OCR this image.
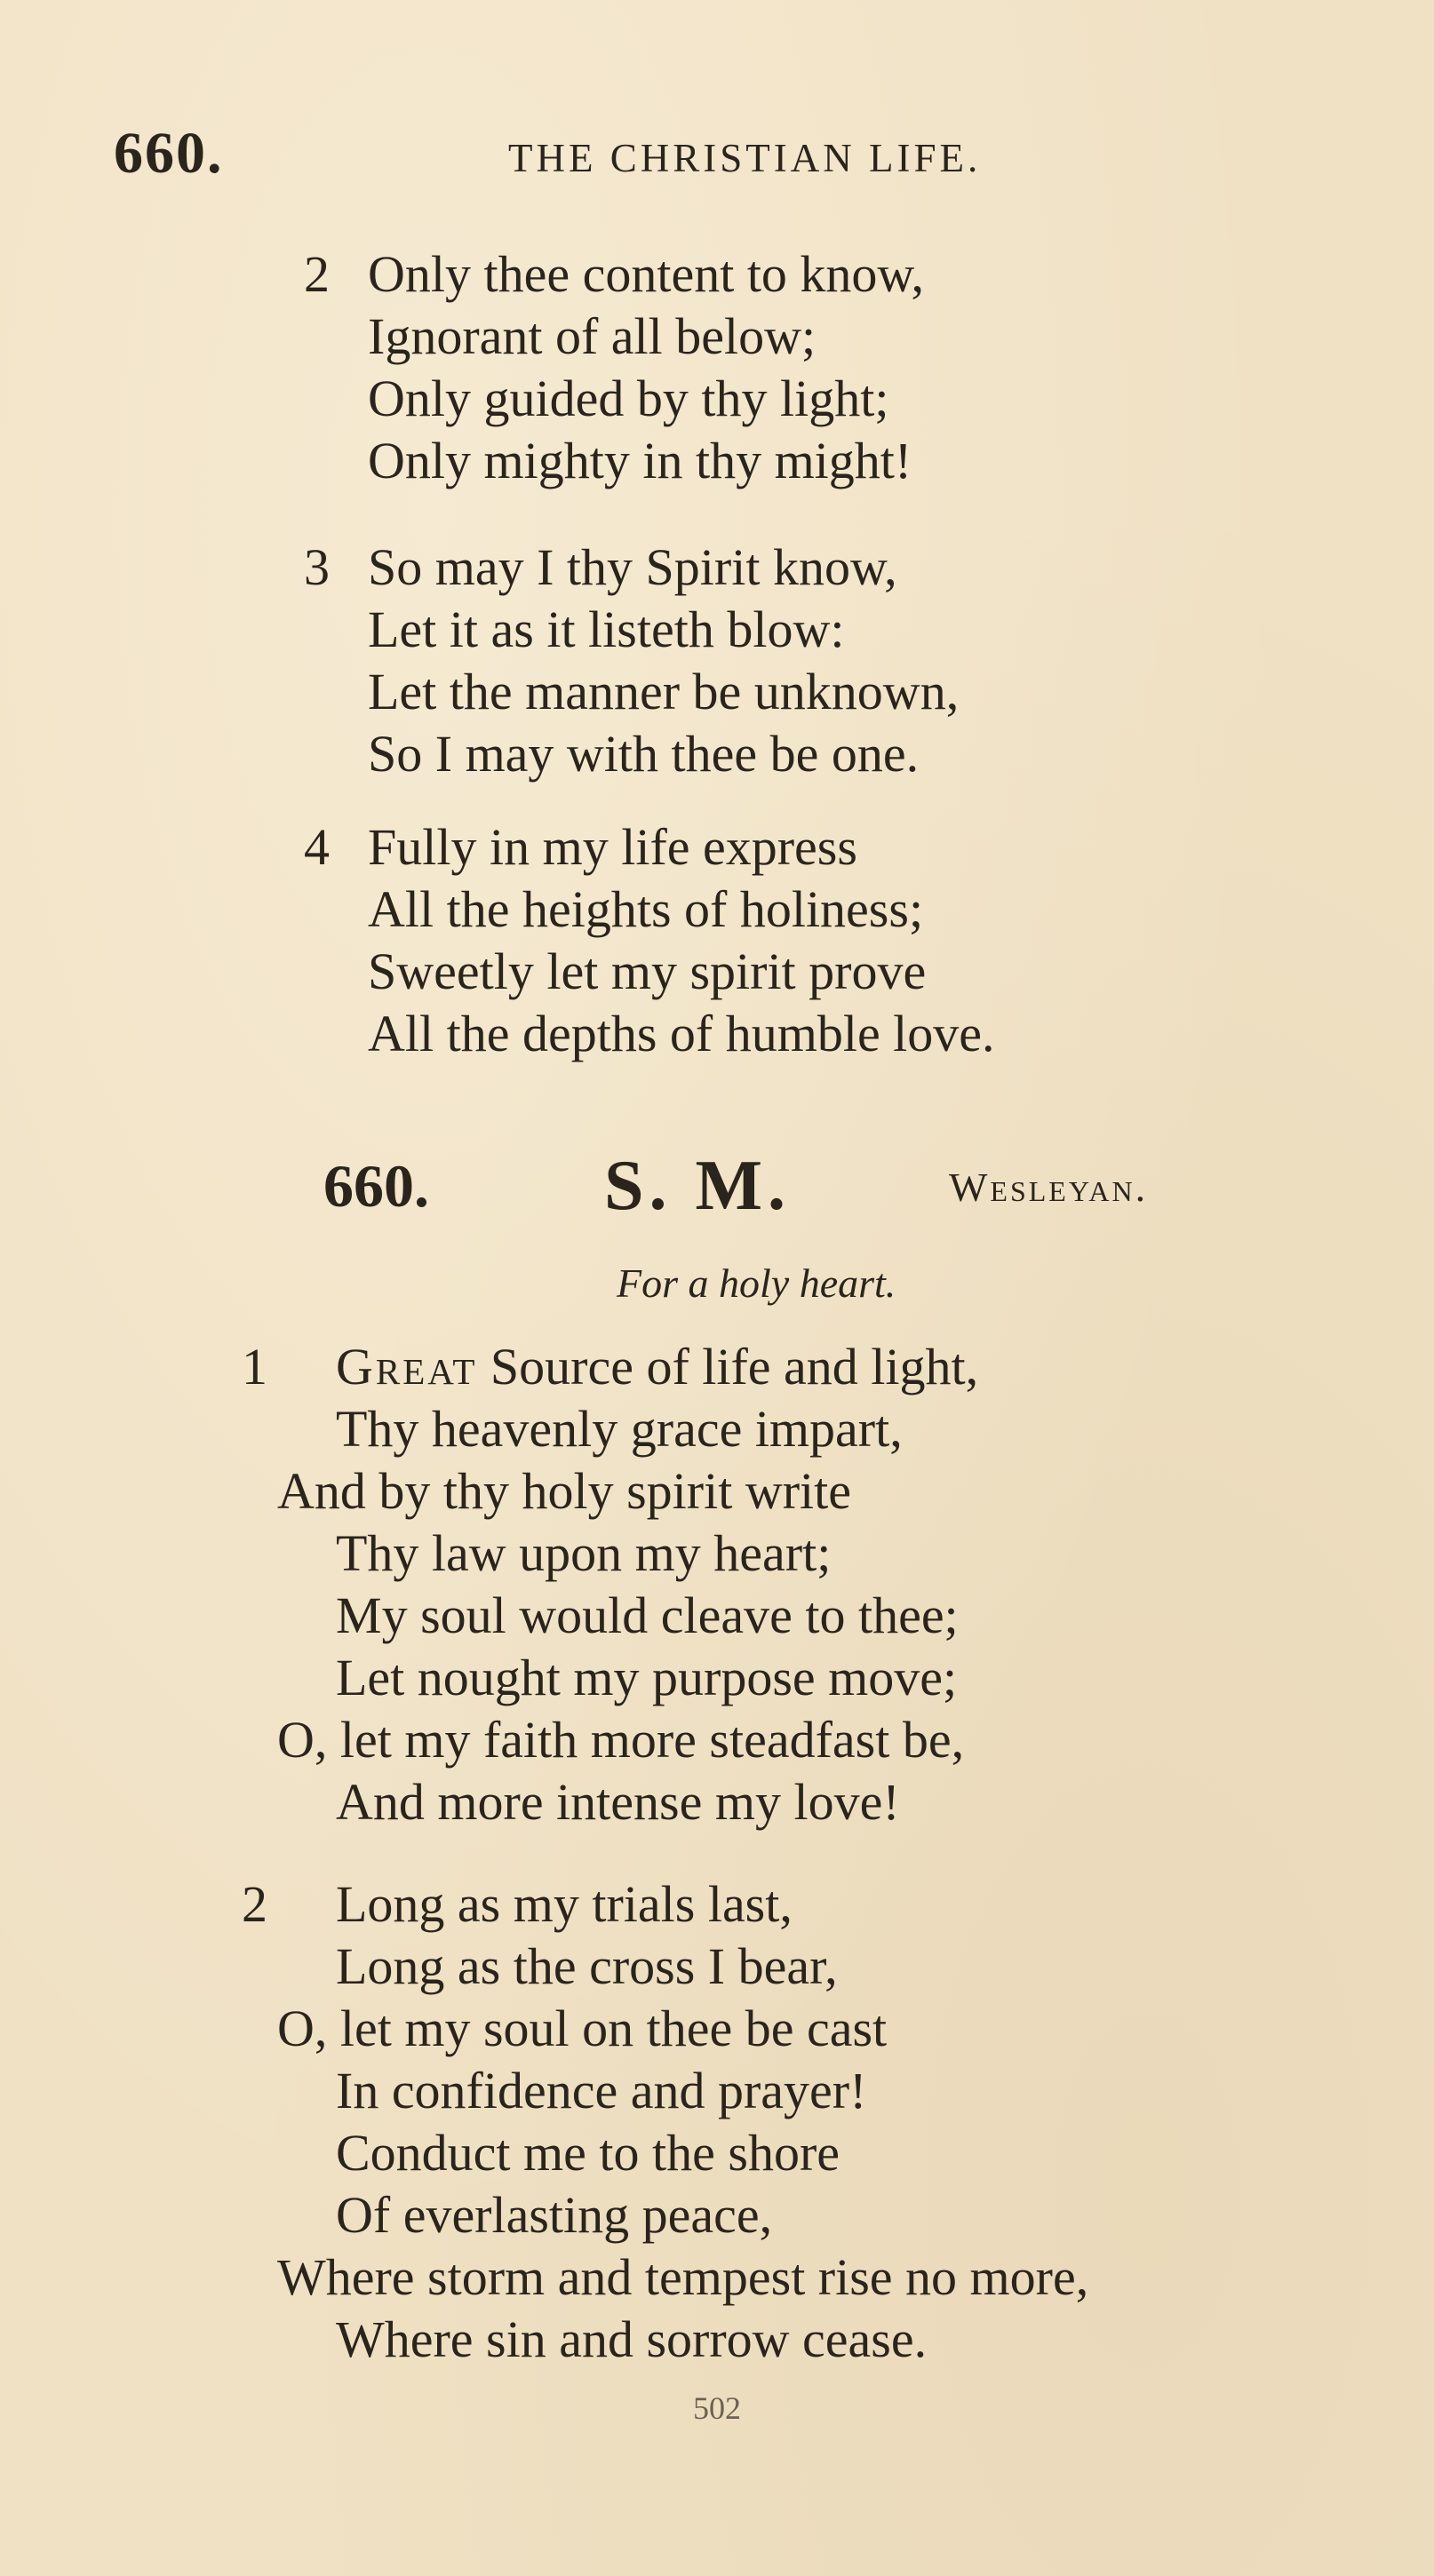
660.	THE CHRISTIAN LIFE.
2 Only thee content to know,
Ignorant of all below;
Only guided by thy light;
Only mighty in thy might!
3 So may I thy Spirit know,
Let it as it listeth blow:
Let the manner be unknown,
So I may with thee be one.
4 Fully in my life express
All the heights of holiness;
Sweetly let my spirit prove
All the depths of humble love.
660. S. M.	Wesleyan.
For a holy heart.
1 Great Source of life and light,
Thy heavenly grace impart,
And by thy holy spirit write
Thy law upon my heart;
My soul would cleave to thee;
Let nought my purpose move;
O, let my faith more steadfast be,
And more intense my love!
2 Long as my trials last,
Long as the cross I bear,
O, let my soul on thee be cast
In confidence and prayer!
Conduct me to the shore
Of everlasting peace,
Where storm and tempest rise no more,
Where sin and sorrow cease.
502
